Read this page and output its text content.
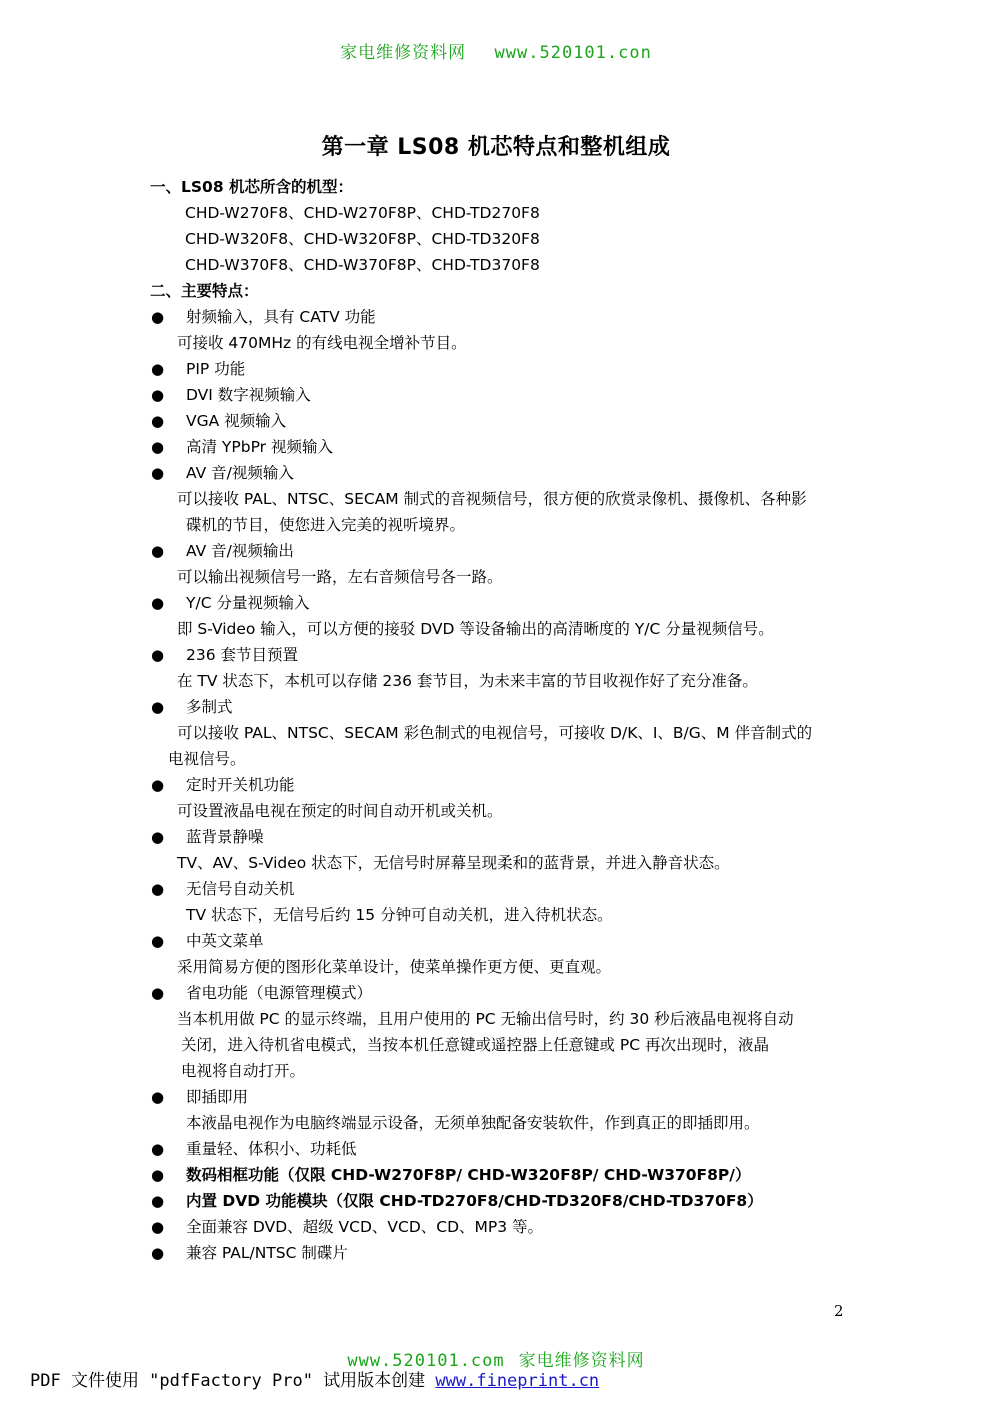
家电维修资料网 www.520101.con
第一章 LS08 机芯特点和整机组成
一、LS08 机芯所含的机型：
CHD-W270F8、CHD-W270F8P、CHD-TD270F8
CHD-W320F8、CHD-W320F8P、CHD-TD320F8
CHD-W370F8、CHD-W370F8P、CHD-TD370F8
二、主要特点：
● 射频输入，具有 CATV 功能
可接收 470MHz 的有线电视全增补节目。
● PIP 功能
● DVI 数字视频输入
● VGA 视频输入
● 高清 YPbPr 视频输入
● AV 音/视频输入
可以接收 PAL、NTSC、SECAM 制式的音视频信号，很方便的欣赏录像机、摄像机、各种影
碟机的节目，使您进入完美的视听境界。
● AV 音/视频输出
可以输出视频信号一路，左右音频信号各一路。
● Y/C 分量视频输入
即 S-Video 输入，可以方便的接驳 DVD 等设备输出的高清晰度的 Y/C 分量视频信号。
● 236 套节目预置
在 TV 状态下，本机可以存储 236 套节目，为未来丰富的节目收视作好了充分准备。
● 多制式
可以接收 PAL、NTSC、SECAM 彩色制式的电视信号，可接收 D/K、I、B/G、M 伴音制式的
电视信号。
● 定时开关机功能
可设置液晶电视在预定的时间自动开机或关机。
● 蓝背景静噪
TV、AV、S-Video 状态下，无信号时屏幕呈现柔和的蓝背景，并进入静音状态。
● 无信号自动关机
TV 状态下，无信号后约 15 分钟可自动关机，进入待机状态。
● 中英文菜单
采用简易方便的图形化菜单设计，使菜单操作更方便、更直观。
● 省电功能（电源管理模式）
当本机用做 PC 的显示终端，且用户使用的 PC 无输出信号时，约 30 秒后液晶电视将自动
关闭，进入待机省电模式，当按本机任意键或遥控器上任意键或 PC 再次出现时，液晶
电视将自动打开。
● 即插即用
本液晶电视作为电脑终端显示设备，无须单独配备安装软件，作到真正的即插即用。
● 重量轻、体积小、功耗低
● 数码相框功能（仅限 CHD-W270F8P/ CHD-W320F8P/ CHD-W370F8P/）
● 内置 DVD 功能模块（仅限 CHD-TD270F8/CHD-TD320F8/CHD-TD370F8）
● 全面兼容 DVD、超级 VCD、VCD、CD、MP3 等。
● 兼容 PAL/NTSC 制碟片
2
www.520101.com 家电维修资料网
PDF 文件使用 "pdfFactory Pro" 试用版本创建 www.fineprint.cn
